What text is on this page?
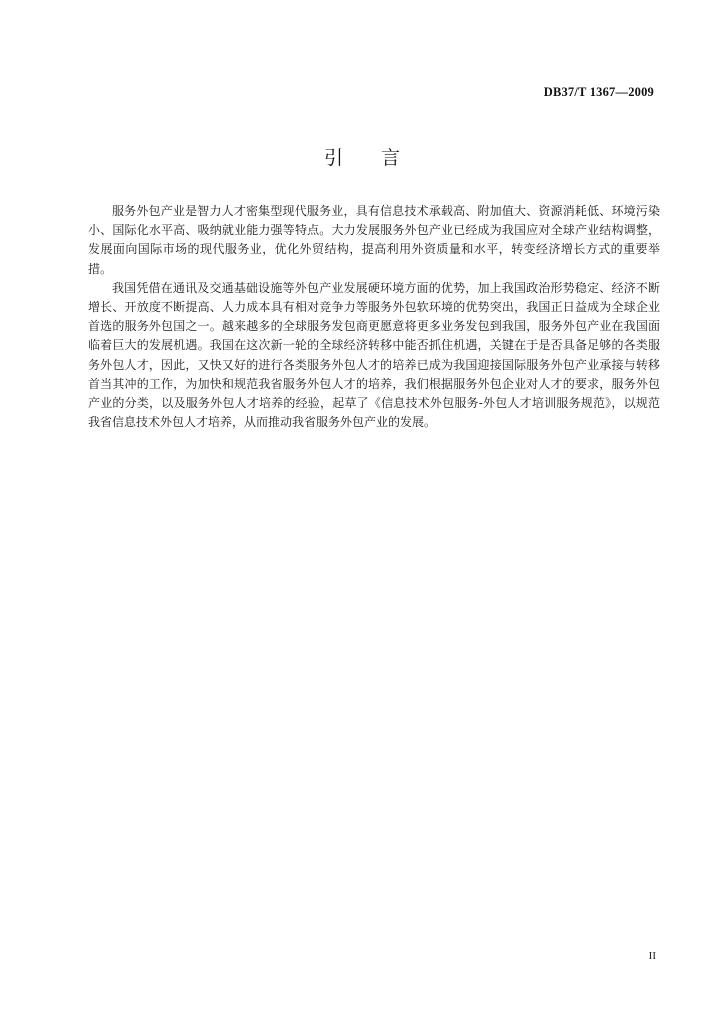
DB37/T 1367—2009
引言

服务外包产业是智力人才密集型现代服务业，具有信息技术承载高、附加值大、资源消耗低、环境污染小、国际化水平高、吸纳就业能力强等特点。大力发展服务外包产业已经成为我国应对全球产业结构调整，发展面向国际市场的现代服务业，优化外贸结构，提高利用外资质量和水平，转变经济增长方式的重要举措。

我国凭借在通讯及交通基础设施等外包产业发展硬环境方面的优势，加上我国政治形势稳定、经济不断增长、开放度不断提高、人力成本具有相对竞争力等服务外包软环境的优势突出，我国正日益成为全球企业首选的服务外包国之一。越来越多的全球服务发包商更愿意将更多业务发包到我国，服务外包产业在我国面临着巨大的发展机遇。我国在这次新一轮的全球经济转移中能否抓住机遇，关键在于是否具备足够的各类服务外包人才，因此，又快又好的进行各类服务外包人才的培养已成为我国迎接国际服务外包产业承接与转移首当其冲的工作，为加快和规范我省服务外包人才的培养，我们根据服务外包企业对人才的要求，服务外包产业的分类，以及服务外包人才培养的经验，起草了《信息技术外包服务-外包人才培训服务规范》，以规范我省信息技术外包人才培养，从而推动我省服务外包产业的发展。

II
